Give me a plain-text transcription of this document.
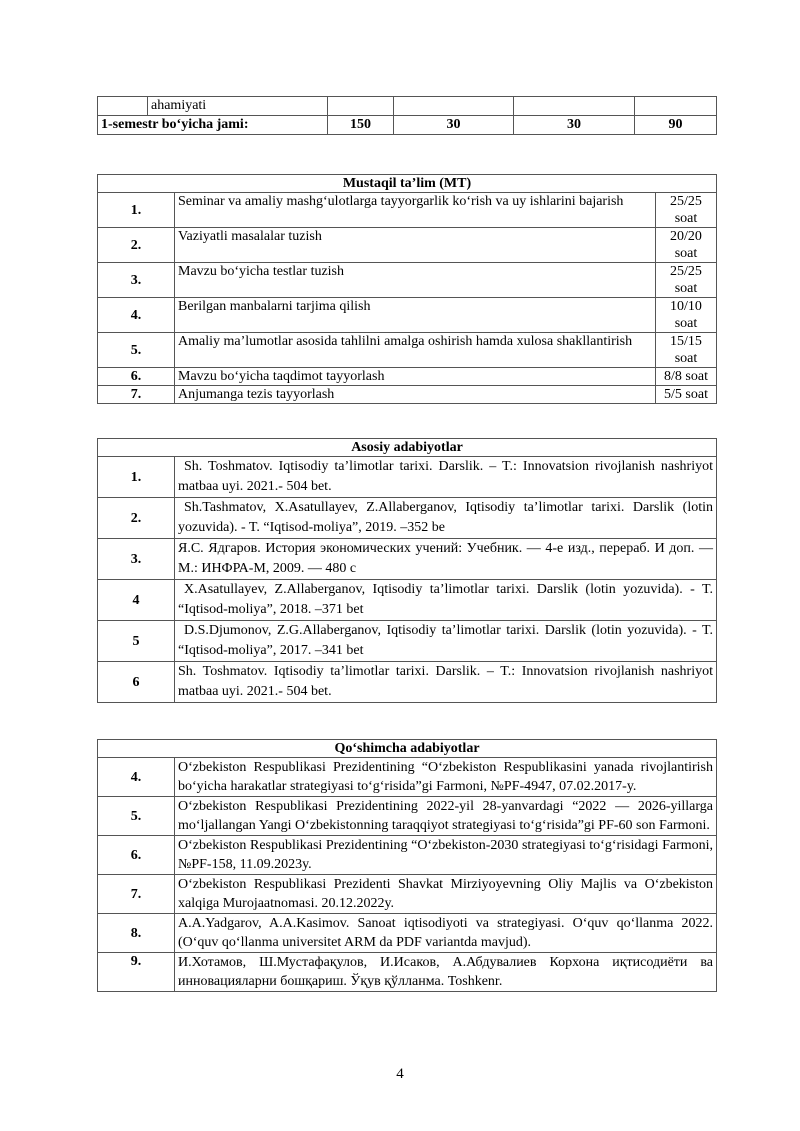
	ahamiyati				
1-semestr bo‘yicha jami:		150	30	30	90
Mustaqil ta’lim (MT)		
1.	Seminar va amaliy mashg‘ulotlarga tayyorgarlik ko‘rish va uy ishlarini bajarish	25/25 soat
2.	Vaziyatli masalalar tuzish	20/20 soat
3.	Mavzu bo‘yicha testlar tuzish	25/25 soat
4.	Berilgan manbalarni tarjima qilish	10/10 soat
5.	Amaliy ma’lumotlar asosida tahlilni amalga oshirish hamda xulosa shakllantirish	15/15 soat
6.	Mavzu bo‘yicha taqdimot tayyorlash	8/8 soat
7.	Anjumanga tezis tayyorlash	5/5 soat
Asosiy adabiyotlar	
1.	Sh. Toshmatov. Iqtisodiy ta’limotlar tarixi. Darslik. – T.: Innovatsion rivojlanish nashriyot matbaa uyi. 2021.- 504 bet.
2.	Sh.Tashmatov, X.Asatullayev, Z.Allaberganov, Iqtisodiy ta’limotlar tarixi. Darslik (lotin yozuvida). - T. “Iqtisod-moliya”, 2019. –352 be
3.	Я.С. Ядгаров. История экономических учений: Учебник. — 4-е изд., перераб. И доп. — М.: ИНФРА-М, 2009. — 480 с
4	X.Asatullayev, Z.Allaberganov, Iqtisodiy ta’limotlar tarixi. Darslik (lotin yozuvida). - T. “Iqtisod-moliya”, 2018. –371 bet
5	D.S.Djumonov, Z.G.Allaberganov, Iqtisodiy ta’limotlar tarixi. Darslik (lotin yozuvida). - T. “Iqtisod-moliya”, 2017. –341 bet
6	Sh. Toshmatov. Iqtisodiy ta’limotlar tarixi. Darslik. – T.: Innovatsion rivojlanish nashriyot matbaa uyi. 2021.- 504 bet.
Qo‘shimcha adabiyotlar	
4.	O‘zbekiston Respublikasi Prezidentining “O‘zbekiston Respublikasini yanada rivojlantirish bo‘yicha harakatlar strategiyasi to‘g‘risida”gi Farmoni, №PF-4947, 07.02.2017-y.
5.	O‘zbekiston Respublikasi Prezidentining 2022-yil 28-yanvardagi “2022 — 2026-yillarga mo‘ljallangan Yangi O‘zbekistonning taraqqiyot strategiyasi to‘g‘risida”gi PF-60 son Farmoni.
6.	O‘zbekiston Respublikasi Prezidentining “O‘zbekiston-2030 strategiyasi to‘g‘risidagi Farmoni, №PF-158, 11.09.2023y.
7.	O‘zbekiston Respublikasi Prezidenti Shavkat Mirziyoyevning Oliy Majlis va O‘zbekiston xalqiga Murojaatnomasi. 20.12.2022y.
8.	A.A.Yadgarov, A.A.Kasimov. Sanoat iqtisodiyoti va strategiyasi. O‘quv qo‘llanma 2022. (O‘quv qo‘llanma universitet ARM da PDF variantda mavjud).
9.	И.Хотамов, Ш.Мустафақулов, И.Исаков, А.Абдувалиев Корхона иқтисодиёти ва инновацияларни бошқариш. Ўқув қўлланма. Toshkenr.
4
